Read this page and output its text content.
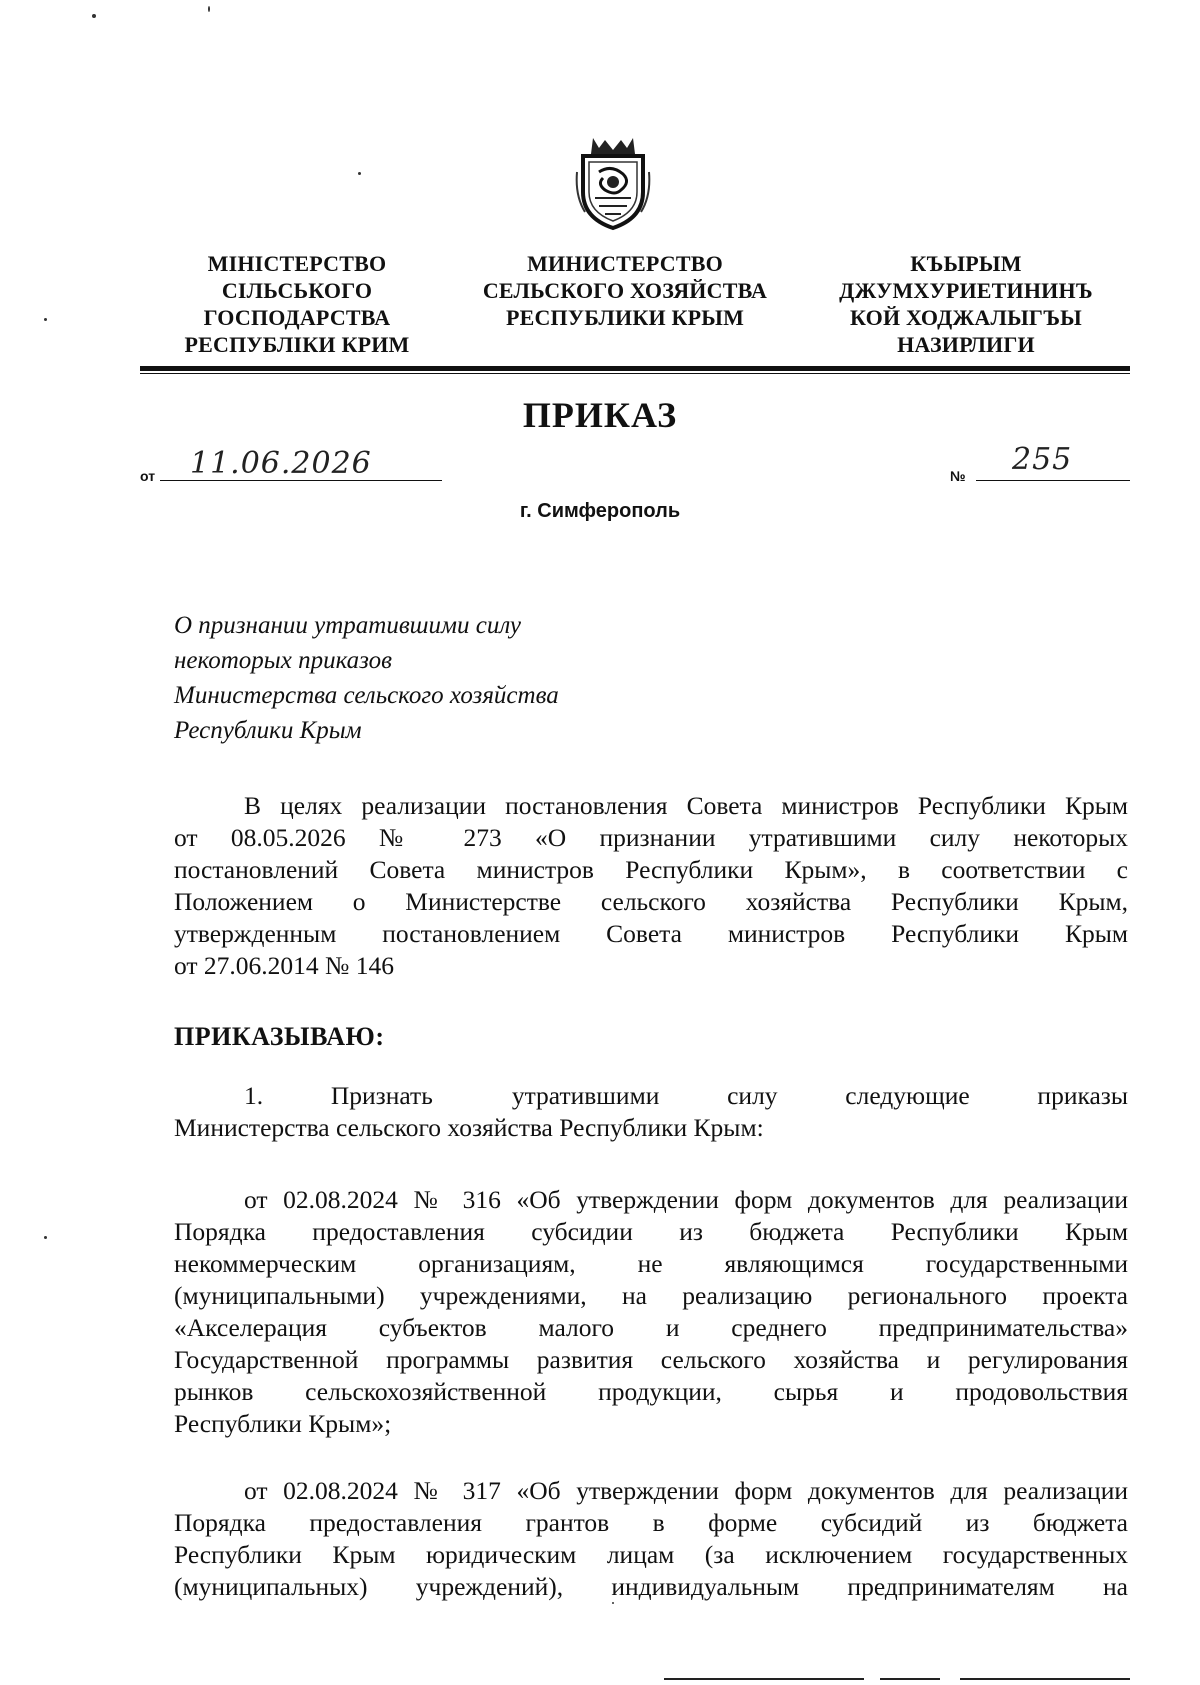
МІНІСТЕРСТВО
СІЛЬСЬКОГО
ГОСПОДАРСТВА
РЕСПУБЛІКИ КРИМ
МИНИСТЕРСТВО
СЕЛЬСКОГО ХОЗЯЙСТВА
РЕСПУБЛИКИ КРЫМ
КЪЫРЫМ
ДЖУМХУРИЕТИНИНЪ
КОЙ ХОДЖАЛЫГЪЫ
НАЗИРЛИГИ
ПРИКАЗ
от 11.06.2026	№ 255
г. Симферополь
О признании утратившими силу
некоторых приказов
Министерства сельского хозяйства
Республики Крым
В целях реализации постановления Совета министров Республики Крым
от 08.05.2026 № 273 «О признании утратившими силу некоторых
постановлений Совета министров Республики Крым», в соответствии с
Положением о Министерстве сельского хозяйства Республики Крым,
утвержденным постановлением Совета министров Республики Крым
от 27.06.2014 № 146
ПРИКАЗЫВАЮ:
1.      Признать       утратившими      силу      следующие      приказы
Министерства сельского хозяйства Республики Крым:
от 02.08.2024 № 316 «Об утверждении форм документов для реализации
Порядка предоставления субсидии из бюджета Республики Крым
некоммерческим организациям, не являющимся государственными
(муниципальными) учреждениями, на реализацию регионального проекта
«Акселерация субъектов малого и среднего предпринимательства»
Государственной программы развития сельского хозяйства и регулирования
рынков сельскохозяйственной продукции, сырья и продовольствия
Республики Крым»;
от 02.08.2024 № 317 «Об утверждении форм документов для реализации
Порядка предоставления грантов в форме субсидий из бюджета
Республики Крым юридическим лицам (за исключением государственных
(муниципальных) учреждений), индивидуальным предпринимателям на
